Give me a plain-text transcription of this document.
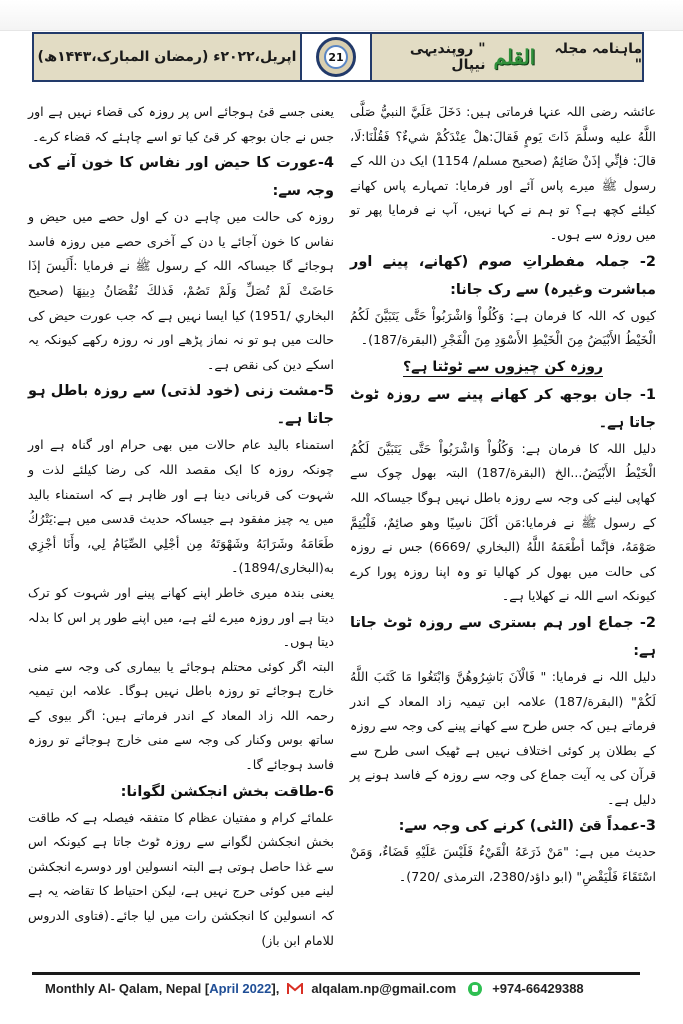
اپریل،۲۰۲۲ء (رمضان المبارک،۱۴۴۳ھ)	21	ماہنامہ مجلہ "
القلم
" روپندیہی نیپال

عائشہ رضی اللہ عنہا فرماتی ہیں: دَخَلَ عَلَيَّ النبيُّ صَلَّى اللَّهُ عليه وسلَّمَ ذَاتَ يَومٍ فَقالَ:هلْ عِنْدَكُمْ شيءٌ؟ فَقُلْنَا:لَا، قالَ: فإنِّي إذَنْ صَائِمٌ (صحیح مسلم/ 1154) ایک دن اللہ کے رسول ﷺ میرے پاس آئے اور فرمایا: تمہارے پاس کھانے کیلئے کچھ ہے؟ تو ہم نے کہا نہیں، آپ نے فرمایا پھر تو میں روزہ سے ہوں۔

2- جملہ مفطراتِ صوم (کھانے، پینے اور مباشرت وغیرہ) سے رک جانا:

کیوں کہ اللہ کا فرمان ہے: وَكُلُواْ وَاشْرَبُواْ حَتَّى يَتَبَيَّنَ لَكُمُ الْخَيْطُ الأَبْيَضُ مِنَ الْخَيْطِ الأَسْوَدِ مِنَ الْفَجْرِ (البقرة/187)۔

روزہ کن چیزوں سے ٹوٹتا ہے؟

1- جان بوجھ کر کھانے پینے سے روزہ ٹوٹ جاتا ہے۔

دلیل اللہ کا فرمان ہے: وَكُلُواْ وَاشْرَبُواْ حَتَّى يَتَبَيَّنَ لَكُمُ الْخَيْطُ الأَبْيَضُ...الخ (البقرة/187) البتہ بھول چوک سے کھاپی لینے کی وجہ سے روزہ باطل نہیں ہوگا جیساکہ اللہ کے رسول ﷺ نے فرمایا:مَن أكَلَ ناسِيًا وهو صائِمٌ، فَلْيُتِمَّ صَوْمَهُ، فإنَّما أطْعَمَهُ اللَّهُ (البخاري /6669) جس نے روزہ کی حالت میں بھول کر کھالیا تو وہ اپنا روزہ پورا کرے کیونکہ اسے اللہ نے کھلایا ہے۔

2- جماع اور ہم بستری سے روزہ ٹوٹ جاتا ہے:

دلیل اللہ نے فرمایا: " فَالْآنَ بَاشِرُوهُنَّ وَابْتَغُوا مَا كَتَبَ اللَّهُ لَكُمْ" (البقرة/187) علامہ ابن تیمیہ زاد المعاد کے اندر فرماتے ہیں کہ جس طرح سے کھانے پینے کی وجہ سے روزہ کے بطلان پر کوئی اختلاف نہیں ہے ٹھیک اسی طرح سے قرآن کی یہ آیت جماع کی وجہ سے روزہ کے فاسد ہونے پر دلیل ہے۔

3-عمداً قئ (الٹی) کرنے کی وجہ سے:

حدیث میں ہے: "مَنْ ذَرَعَهُ الْقَيْءُ فَلَيْسَ عَلَيْهِ قَضَاءٌ، وَمَنْ اسْتَقَاءَ فَلْيَقْضِ" (ابو داؤد/2380، الترمذی /720)۔

یعنی جسے قئ ہوجائے اس پر روزہ کی قضاء نہیں ہے اور جس نے جان بوجھ کر قئ کیا تو اسے چاہئے کہ قضاء کرے۔

4-عورت کا حیض اور نفاس کا خون آنے کی وجہ سے:

روزہ کی حالت میں چاہے دن کے اول حصے میں حیض و نفاس کا خون آجائے یا دن کے آخری حصے میں روزہ فاسد ہوجائے گا جیساکہ اللہ کے رسول ﷺ نے فرمایا :أَلَيسَ إذَا حَاضَتْ لَمْ تُصَلِّ وَلَمْ تَصُمْ، فَذلكَ نُقْصَانُ دِينِهَا (صحيح البخاري /1951) کیا ایسا نہیں ہے کہ جب عورت حیض کی حالت میں ہو تو نہ نماز پڑھے اور نہ روزہ رکھے کیونکہ یہ اسکے دین کی نقص ہے۔

5-مشت زنی (خود لذتی) سے روزہ باطل ہو جاتا ہے۔

استمناء بالید عام حالات میں بھی حرام اور گناہ ہے اور چونکہ روزہ کا ایک مقصد اللہ کی رضا کیلئے لذت و شہوت کی قربانی دینا ہے اور ظاہر ہے کہ استمناء بالید میں یہ چیز مفقود ہے جیساکہ حدیث قدسی میں ہے:يَتْرُكُ طَعَامَهُ وشَرَابَهُ وشَهْوَتَهُ مِن أجْلِي الصِّيَامُ لِي، وأَنَا أجْزِي به(البخاری/1894)۔

یعنی بندہ میری خاطر اپنے کھانے پینے اور شہوت کو ترک دیتا ہے اور روزہ میرے لئے ہے، میں اپنے طور پر اس کا بدلہ دیتا ہوں۔

البتہ اگر کوئی محتلم ہوجائے یا بیماری کی وجہ سے منی خارج ہوجائے تو روزہ باطل نہیں ہوگا۔ علامہ ابن تیمیہ رحمہ اللہ زاد المعاد کے اندر فرماتے ہیں: اگر بیوی کے ساتھ بوس وکنار کی وجہ سے منی خارج ہوجائے تو روزہ فاسد ہوجائے گا۔

6-طاقت بخش انجکشن لگوانا:

علمائے کرام و مفتیان عظام کا متفقہ فیصلہ ہے کہ طاقت بخش انجکشن لگوانے سے روزہ ٹوٹ جاتا ہے کیونکہ اس سے غذا حاصل ہوتی ہے البتہ انسولین اور دوسرے انجکشن لینے میں کوئی حرج نہیں ہے، لیکن احتیاط کا تقاضہ یہ ہے کہ انسولین کا انجکشن رات میں لیا جائے۔(فتاوی الدروس للامام ابن باز)

Monthly Al- Qalam, Nepal [ April 2022 ], alqalam.np@gmail.com	+974-66429388
